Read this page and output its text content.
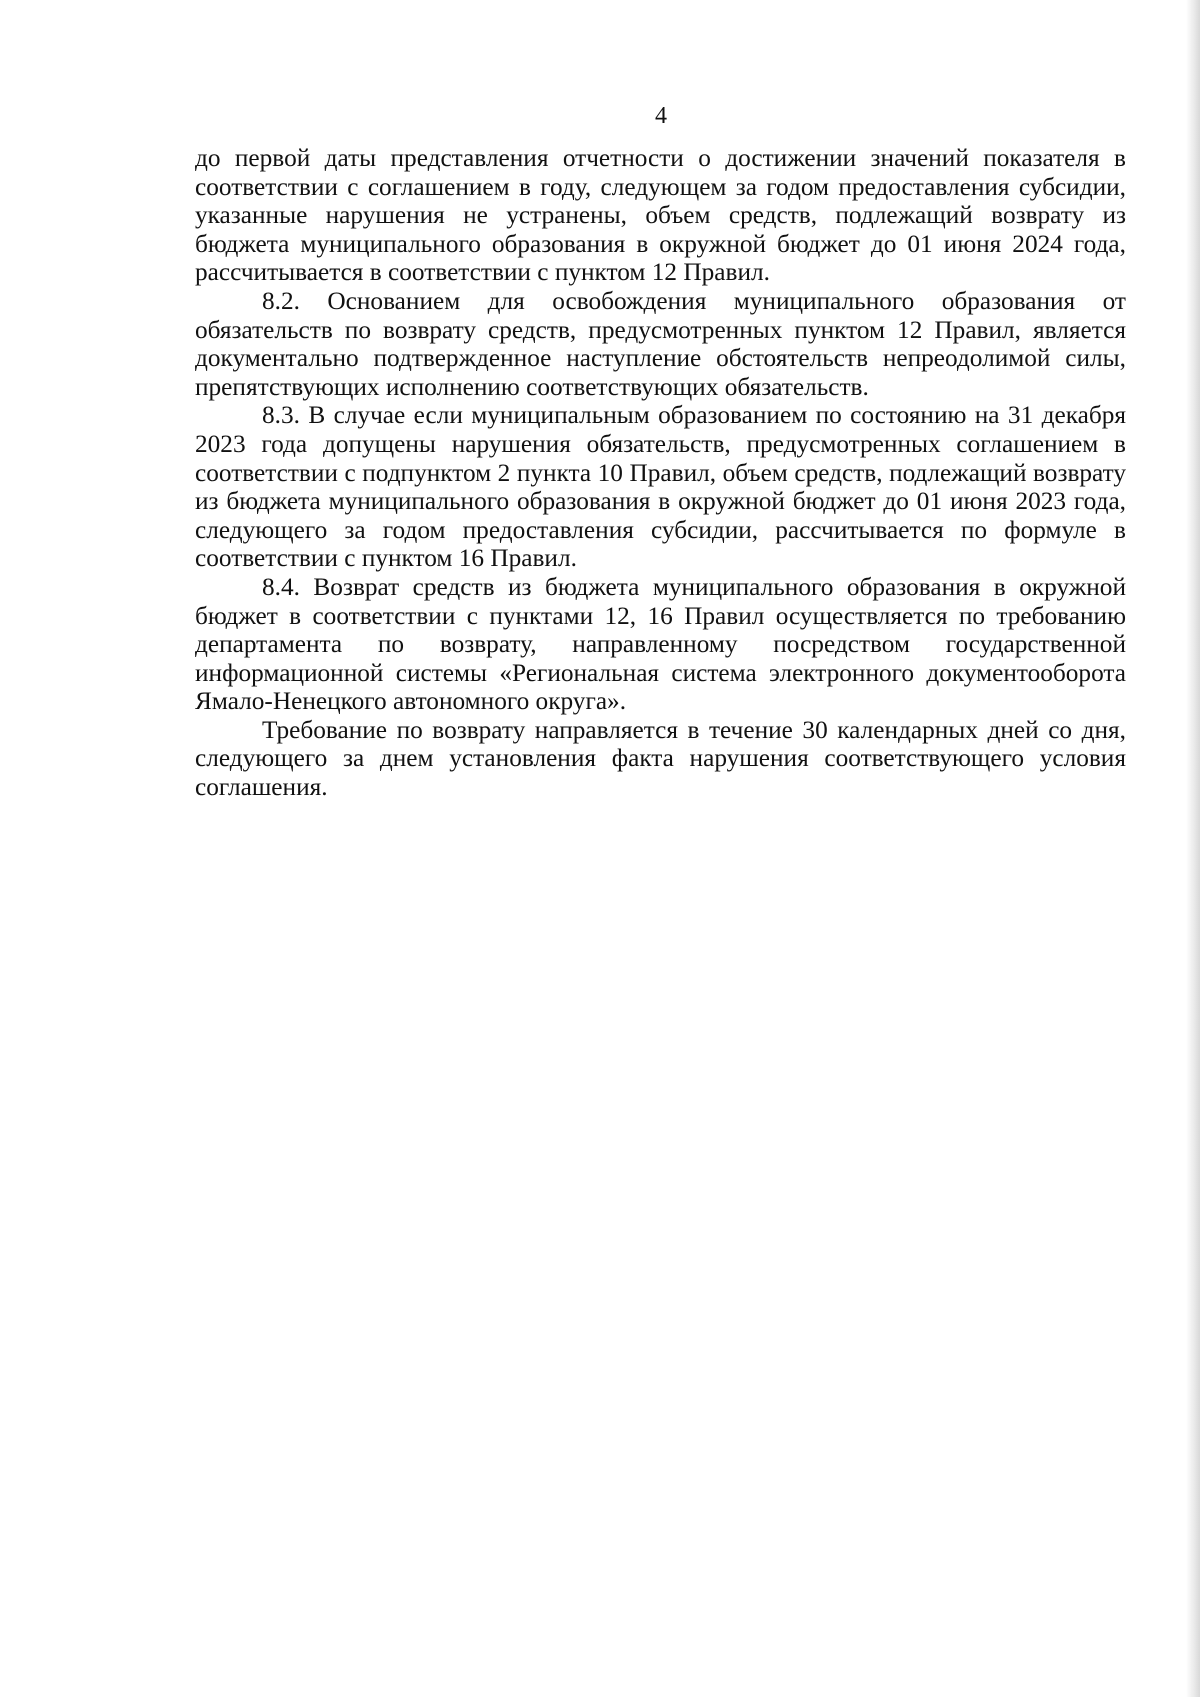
4

до первой даты представления отчетности о достижении значений показателя в соответствии с соглашением в году, следующем за годом предоставления субсидии, указанные нарушения не устранены, объем средств, подлежащий возврату из бюджета муниципального образования в окружной бюджет до 01 июня 2024 года, рассчитывается в соответствии с пунктом 12 Правил.

8.2. Основанием для освобождения муниципального образования от обязательств по возврату средств, предусмотренных пунктом 12 Правил, является документально подтвержденное наступление обстоятельств непреодолимой силы, препятствующих исполнению соответствующих обязательств.

8.3. В случае если муниципальным образованием по состоянию на 31 декабря 2023 года допущены нарушения обязательств, предусмотренных соглашением в соответствии с подпунктом 2 пункта 10 Правил, объем средств, подлежащий возврату из бюджета муниципального образования в окружной бюджет до 01 июня 2023 года, следующего за годом предоставления субсидии, рассчитывается по формуле в соответствии с пунктом 16 Правил.

8.4. Возврат средств из бюджета муниципального образования в окружной бюджет в соответствии с пунктами 12, 16 Правил осуществляется по требованию департамента по возврату, направленному посредством государственной информационной системы «Региональная система электронного документооборота Ямало-Ненецкого автономного округа».

Требование по возврату направляется в течение 30 календарных дней со дня, следующего за днем установления факта нарушения соответствующего условия соглашения.
